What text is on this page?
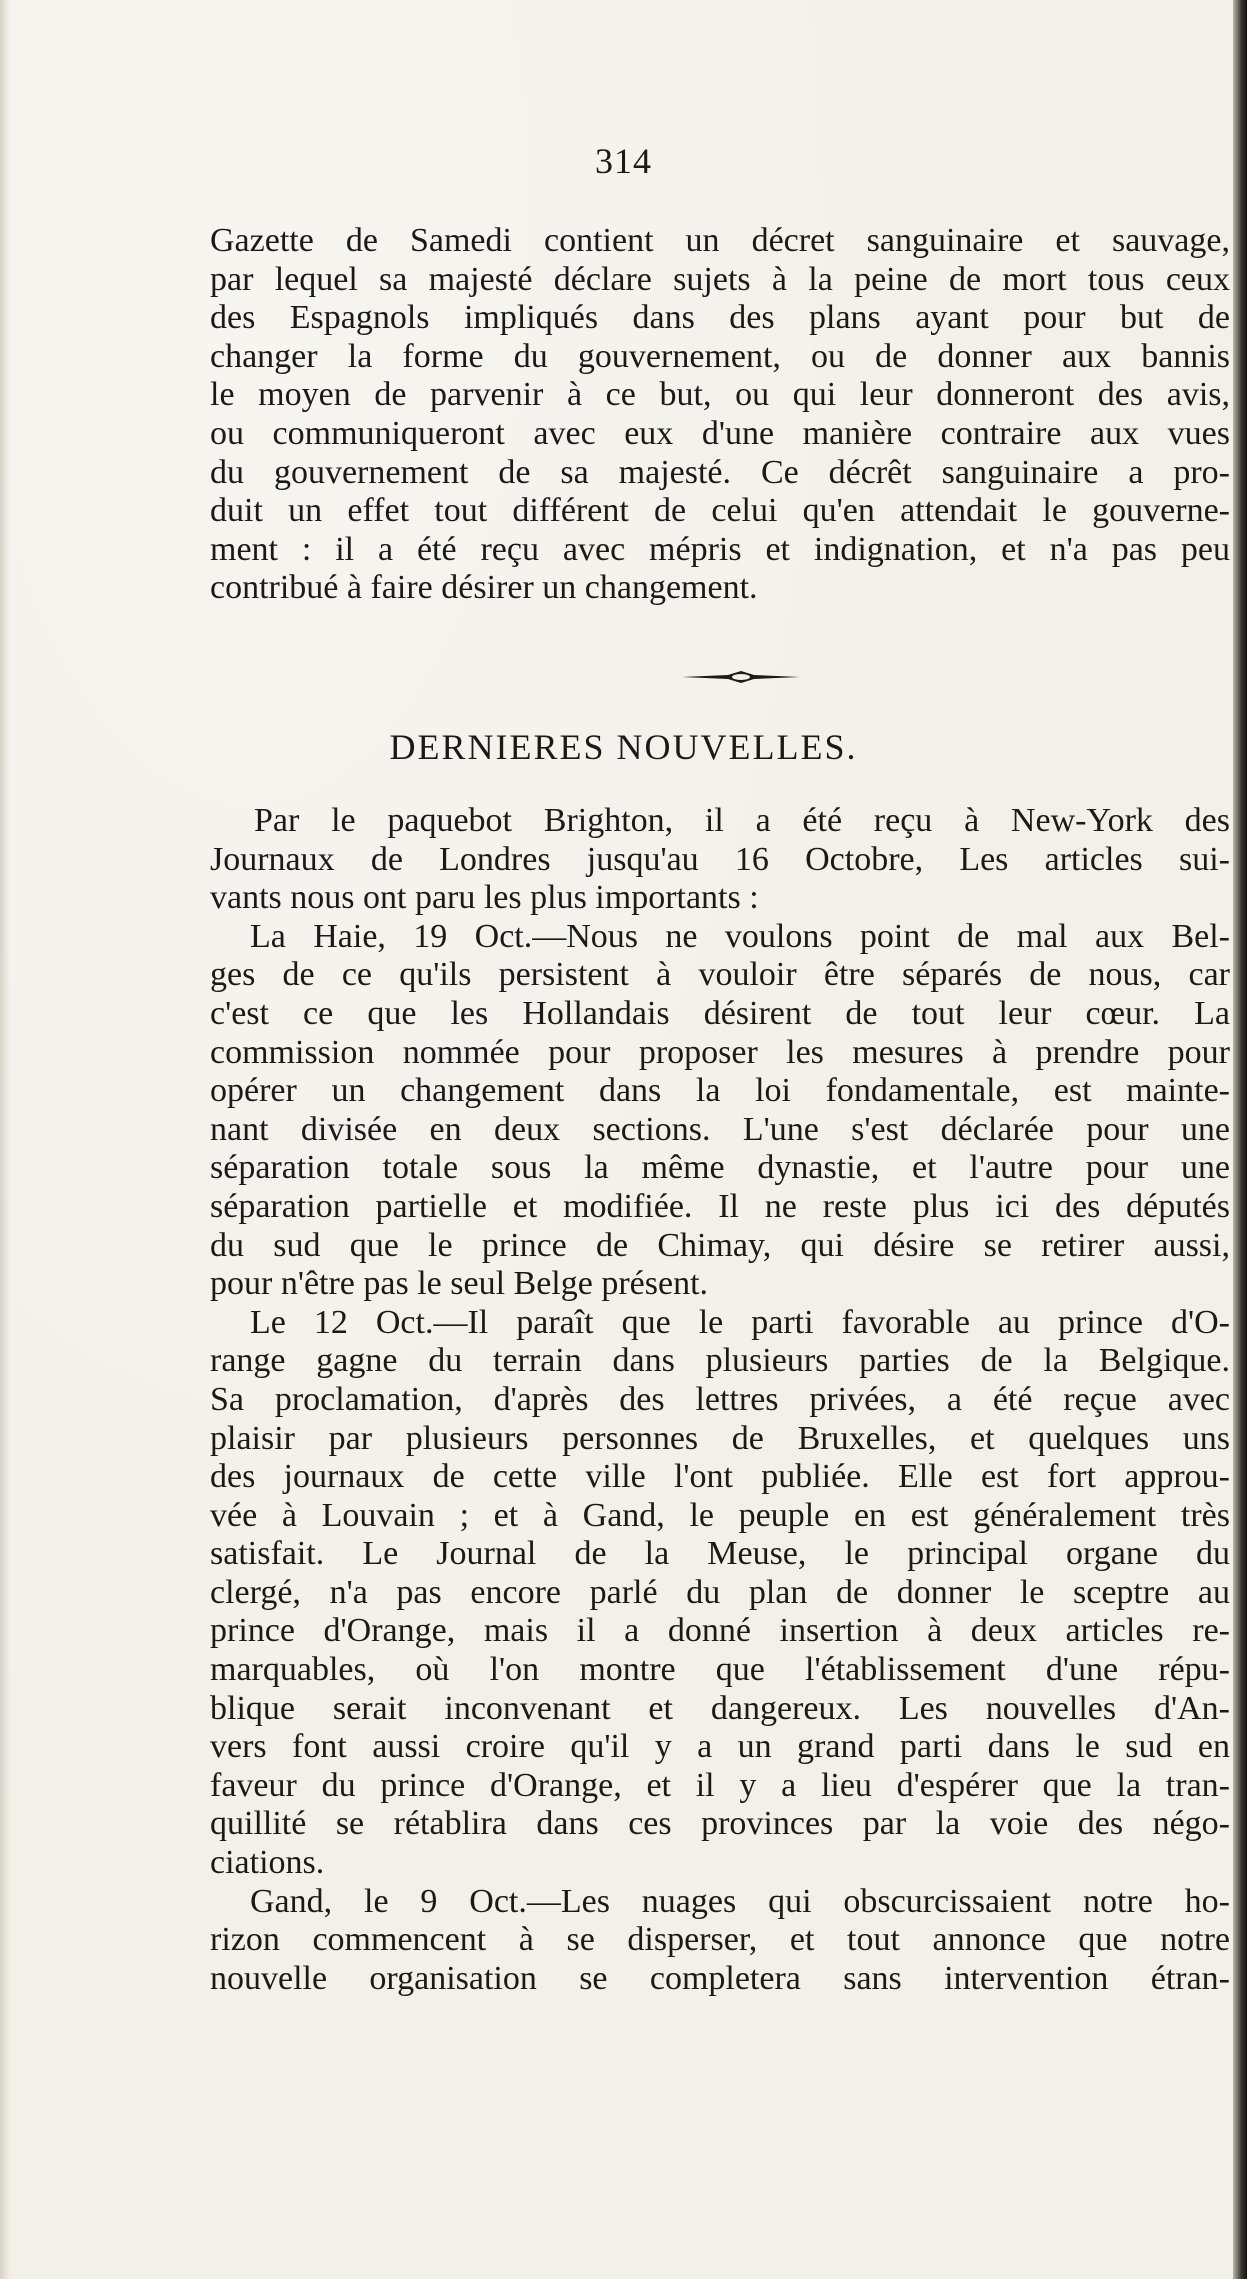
314
Gazette de Samedi contient un décret sanguinaire et sauvage,
par lequel sa majesté déclare sujets à la peine de mort tous ceux
des Espagnols impliqués dans des plans ayant pour but de
changer la forme du gouvernement, ou de donner aux bannis
le moyen de parvenir à ce but, ou qui leur donneront des avis,
ou communiqueront avec eux d'une manière contraire aux vues
du gouvernement de sa majesté. Ce décrêt sanguinaire a pro-
duit un effet tout différent de celui qu'en attendait le gouverne-
ment : il a été reçu avec mépris et indignation, et n'a pas peu
contribué à faire désirer un changement.
DERNIERES NOUVELLES.
Par le paquebot Brighton, il a été reçu à New-York des
Journaux de Londres jusqu'au 16 Octobre, Les articles sui-
vants nous ont paru les plus importants :
La Haie, 19 Oct.—Nous ne voulons point de mal aux Bel-
ges de ce qu'ils persistent à vouloir être séparés de nous, car
c'est ce que les Hollandais désirent de tout leur cœur. La
commission nommée pour proposer les mesures à prendre pour
opérer un changement dans la loi fondamentale, est mainte-
nant divisée en deux sections. L'une s'est déclarée pour une
séparation totale sous la même dynastie, et l'autre pour une
séparation partielle et modifiée. Il ne reste plus ici des députés
du sud que le prince de Chimay, qui désire se retirer aussi,
pour n'être pas le seul Belge présent.
Le 12 Oct.—Il paraît que le parti favorable au prince d'O-
range gagne du terrain dans plusieurs parties de la Belgique.
Sa proclamation, d'après des lettres privées, a été reçue avec
plaisir par plusieurs personnes de Bruxelles, et quelques uns
des journaux de cette ville l'ont publiée. Elle est fort approu-
vée à Louvain ; et à Gand, le peuple en est généralement très
satisfait. Le Journal de la Meuse, le principal organe du
clergé, n'a pas encore parlé du plan de donner le sceptre au
prince d'Orange, mais il a donné insertion à deux articles re-
marquables, où l'on montre que l'établissement d'une répu-
blique serait inconvenant et dangereux. Les nouvelles d'An-
vers font aussi croire qu'il y a un grand parti dans le sud en
faveur du prince d'Orange, et il y a lieu d'espérer que la tran-
quillité se rétablira dans ces provinces par la voie des négo-
ciations.
Gand, le 9 Oct.—Les nuages qui obscurcissaient notre ho-
rizon commencent à se disperser, et tout annonce que notre
nouvelle organisation se completera sans intervention étran-
